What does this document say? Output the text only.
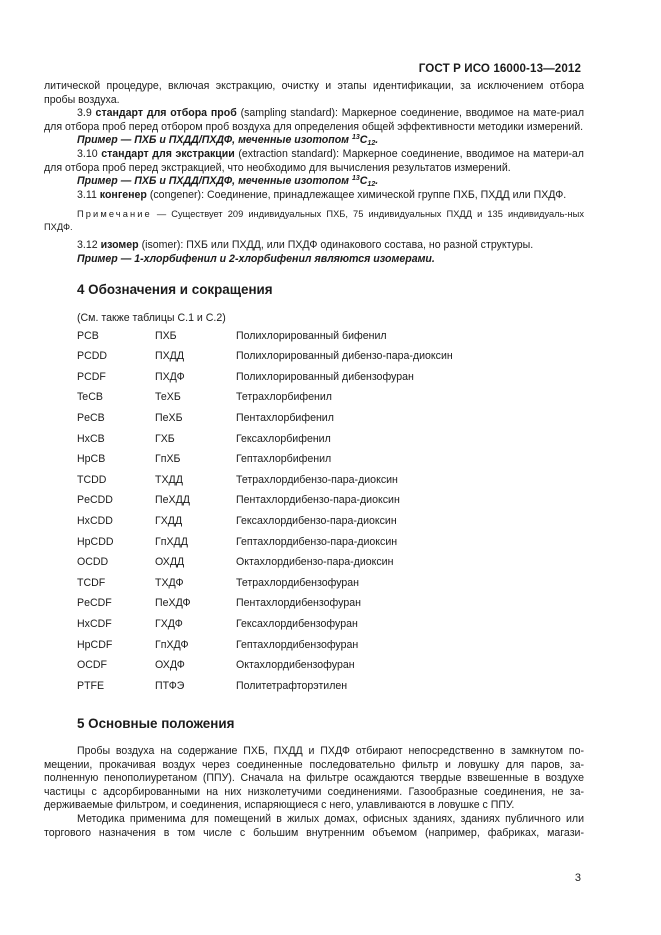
ГОСТ Р ИСО 16000-13—2012

литической процедуре, включая экстракцию, очистку и этапы идентификации, за исключением отбора пробы воздуха.

3.9 стандарт для отбора проб (sampling standard): Маркерное соединение, вводимое на мате-риал для отбора проб перед отбором проб воздуха для определения общей эффективности методики измерений.

Пример — ПХБ и ПХДД/ПХДФ, меченные изотопом $^{13}С_{12}$.

3.10 стандарт для экстракции (extraction standard): Маркерное соединение, вводимое на матери-ал для отбора проб перед экстракцией, что необходимо для вычисления результатов измерений.

Пример — ПХБ и ПХДД/ПХДФ, меченные изотопом $^{13}С_{12}$.

3.11 конгенер (congener): Соединение, принадлежащее химической группе ПХБ, ПХДД или ПХДФ.

Примечание — Существует 209 индивидуальных ПХБ, 75 индивидуальных ПХДД и 135 индивидуаль-ных ПХДФ.

3.12 изомер (isomer): ПХБ или ПХДД, или ПХДФ одинакового состава, но разной структуры.

Пример — 1-хлорбифенил и 2-хлорбифенил являются изомерами.

4 Обозначения и сокращения

(См. также таблицы С.1 и С.2)

PCB	ПХБ	Полихлорированный бифенил
PCDD	ПХДД	Полихлорированный дибензо-пара-диоксин
PCDF	ПХДФ	Полихлорированный дибензофуран
TeCB	ТеХБ	Тетрахлорбифенил
PeCB	ПеХБ	Пентахлорбифенил
HxCB	ГХБ	Гексахлорбифенил
HpCB	ГпХБ	Гептахлорбифенил
TCDD	ТХДД	Тетрахлордибензо-пара-диоксин
PeCDD	ПеХДД	Пентахлордибензо-пара-диоксин
HxCDD	ГХДД	Гексахлордибензо-пара-диоксин
HpCDD	ГпХДД	Гептахлордибензо-пара-диоксин
OCDD	ОХДД	Октахлордибензо-пара-диоксин
TCDF	ТХДФ	Тетрахлордибензофуран
PeCDF	ПеХДФ	Пентахлордибензофуран
HxCDF	ГХДФ	Гексахлордибензофуран
HpCDF	ГпХДФ	Гептахлордибензофуран
OCDF	ОХДФ	Октахлордибензофуран
PTFE	ПТФЭ	Политетрафторэтилен
5 Основные положения

Пробы воздуха на содержание ПХБ, ПХДД и ПХДФ отбирают непосредственно в замкнутом по-мещении, прокачивая воздух через соединенные последовательно фильтр и ловушку для паров, за-полненную пенополиуретаном (ППУ). Сначала на фильтре осаждаются твердые взвешенные в воздухе частицы с адсорбированными на них низколетучими соединениями. Газообразные соединения, не за-держиваемые фильтром, и соединения, испаряющиеся с него, улавливаются в ловушке с ППУ.

Методика применима для помещений в жилых домах, офисных зданиях, зданиях публичного или торгового назначения в том числе с большим внутренним объемом (например, фабриках, магази-

3
